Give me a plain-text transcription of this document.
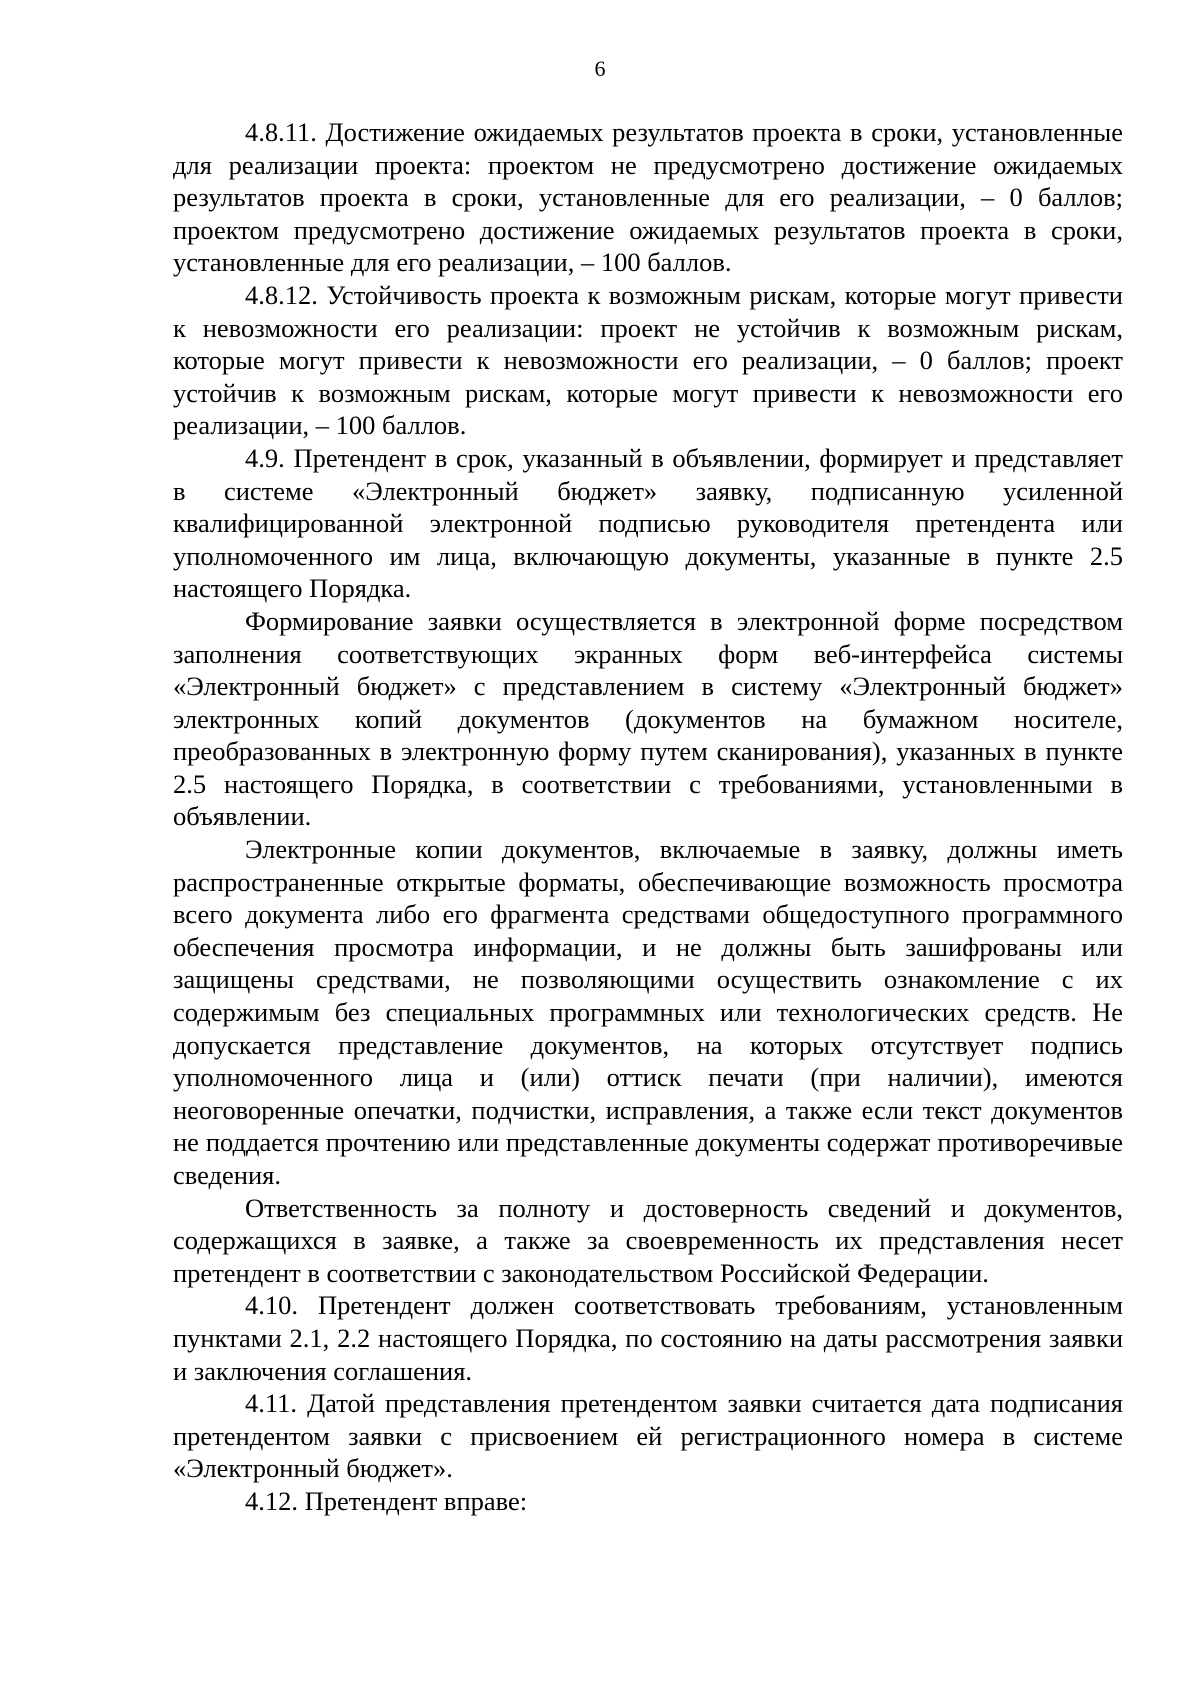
6

4.8.11. Достижение ожидаемых результатов проекта в сроки, установленные для реализации проекта: проектом не предусмотрено достижение ожидаемых результатов проекта в сроки, установленные для его реализации, – 0 баллов; проектом предусмотрено достижение ожидаемых результатов проекта в сроки, установленные для его реализации, – 100 баллов.

4.8.12. Устойчивость проекта к возможным рискам, которые могут привести к невозможности его реализации: проект не устойчив к возможным рискам, которые могут привести к невозможности его реализации, – 0 баллов; проект устойчив к возможным рискам, которые могут привести к невозможности его реализации, – 100 баллов.

4.9. Претендент в срок, указанный в объявлении, формирует и представляет в системе «Электронный бюджет» заявку, подписанную усиленной квалифицированной электронной подписью руководителя претендента или уполномоченного им лица, включающую документы, указанные в пункте 2.5 настоящего Порядка.

Формирование заявки осуществляется в электронной форме посредством заполнения соответствующих экранных форм веб-интерфейса системы «Электронный бюджет» с представлением в систему «Электронный бюджет» электронных копий документов (документов на бумажном носителе, преобразованных в электронную форму путем сканирования), указанных в пункте 2.5 настоящего Порядка, в соответствии с требованиями, установленными в объявлении.

Электронные копии документов, включаемые в заявку, должны иметь распространенные открытые форматы, обеспечивающие возможность просмотра всего документа либо его фрагмента средствами общедоступного программного обеспечения просмотра информации, и не должны быть зашифрованы или защищены средствами, не позволяющими осуществить ознакомление с их содержимым без специальных программных или технологических средств. Не допускается представление документов, на которых отсутствует подпись уполномоченного лица и (или) оттиск печати (при наличии), имеются неоговоренные опечатки, подчистки, исправления, а также если текст документов не поддается прочтению или представленные документы содержат противоречивые сведения.

Ответственность за полноту и достоверность сведений и документов, содержащихся в заявке, а также за своевременность их представления несет претендент в соответствии с законодательством Российской Федерации.

4.10. Претендент должен соответствовать требованиям, установленным пунктами 2.1, 2.2 настоящего Порядка, по состоянию на даты рассмотрения заявки и заключения соглашения.

4.11. Датой представления претендентом заявки считается дата подписания претендентом заявки с присвоением ей регистрационного номера в системе «Электронный бюджет».

4.12. Претендент вправе:
